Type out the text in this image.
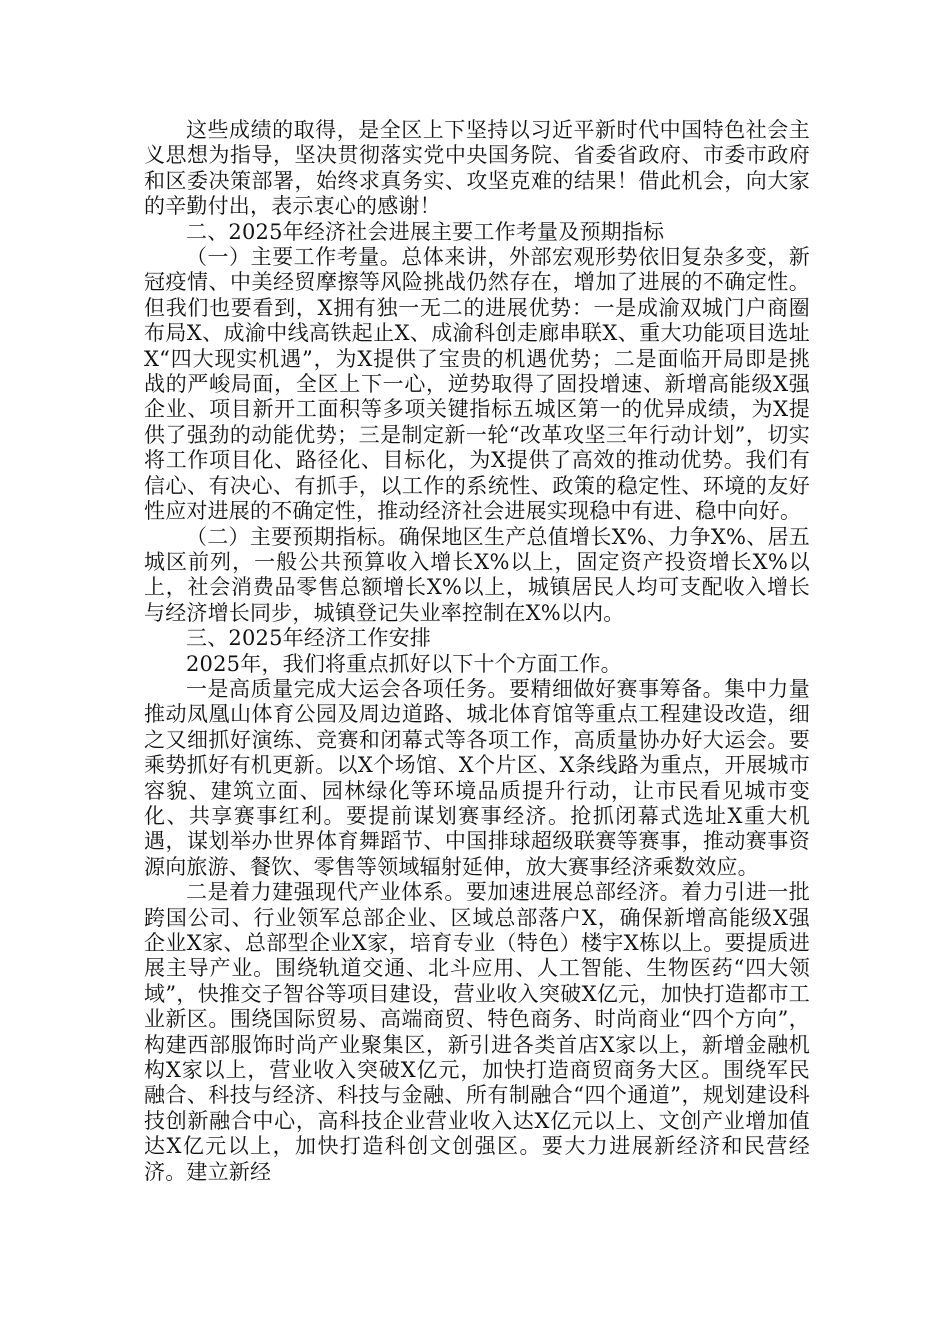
这些成绩的取得，是全区上下坚持以习近平新时代中国特色社会主义思想为指导，坚决贯彻落实党中央国务院、省委省政府、市委市政府和区委决策部署，始终求真务实、攻坚克难的结果！借此机会，向大家的辛勤付出，表示衷心的感谢！

二、2025年经济社会进展主要工作考量及预期指标

（一）主要工作考量。总体来讲，外部宏观形势依旧复杂多变，新冠疫情、中美经贸摩擦等风险挑战仍然存在，增加了进展的不确定性。但我们也要看到，X拥有独一无二的进展优势：一是成渝双城门户商圈布局X、成渝中线高铁起止X、成渝科创走廊串联X、重大功能项目选址X“四大现实机遇”，为X提供了宝贵的机遇优势；二是面临开局即是挑战的严峻局面，全区上下一心，逆势取得了固投增速、新增高能级X强企业、项目新开工面积等多项关键指标五城区第一的优异成绩，为X提供了强劲的动能优势；三是制定新一轮“改革攻坚三年行动计划”，切实将工作项目化、路径化、目标化，为X提供了高效的推动优势。我们有信心、有决心、有抓手，以工作的系统性、政策的稳定性、环境的友好性应对进展的不确定性，推动经济社会进展实现稳中有进、稳中向好。

（二）主要预期指标。确保地区生产总值增长X%、力争X%、居五城区前列，一般公共预算收入增长X%以上，固定资产投资增长X%以上，社会消费品零售总额增长X%以上，城镇居民人均可支配收入增长与经济增长同步，城镇登记失业率控制在X%以内。

三、2025年经济工作安排

2025年，我们将重点抓好以下十个方面工作。

一是高质量完成大运会各项任务。要精细做好赛事筹备。集中力量推动凤凰山体育公园及周边道路、城北体育馆等重点工程建设改造，细之又细抓好演练、竞赛和闭幕式等各项工作，高质量协办好大运会。要乘势抓好有机更新。以X个场馆、X个片区、X条线路为重点，开展城市容貌、建筑立面、园林绿化等环境品质提升行动，让市民看见城市变化、共享赛事红利。要提前谋划赛事经济。抢抓闭幕式选址X重大机遇，谋划举办世界体育舞蹈节、中国排球超级联赛等赛事，推动赛事资源向旅游、餐饮、零售等领域辐射延伸，放大赛事经济乘数效应。

二是着力建强现代产业体系。要加速进展总部经济。着力引进一批跨国公司、行业领军总部企业、区域总部落户X，确保新增高能级X强企业X家、总部型企业X家，培育专业（特色）楼宇X栋以上。要提质进展主导产业。围绕轨道交通、北斗应用、人工智能、生物医药“四大领域”，快推交子智谷等项目建设，营业收入突破X亿元，加快打造都市工业新区。围绕国际贸易、高端商贸、特色商务、时尚商业“四个方向”，构建西部服饰时尚产业聚集区，新引进各类首店X家以上，新增金融机构X家以上，营业收入突破X亿元，加快打造商贸商务大区。围绕军民融合、科技与经济、科技与金融、所有制融合“四个通道”，规划建设科技创新融合中心，高科技企业营业收入达X亿元以上、文创产业增加值达X亿元以上，加快打造科创文创强区。要大力进展新经济和民营经济。建立新经
